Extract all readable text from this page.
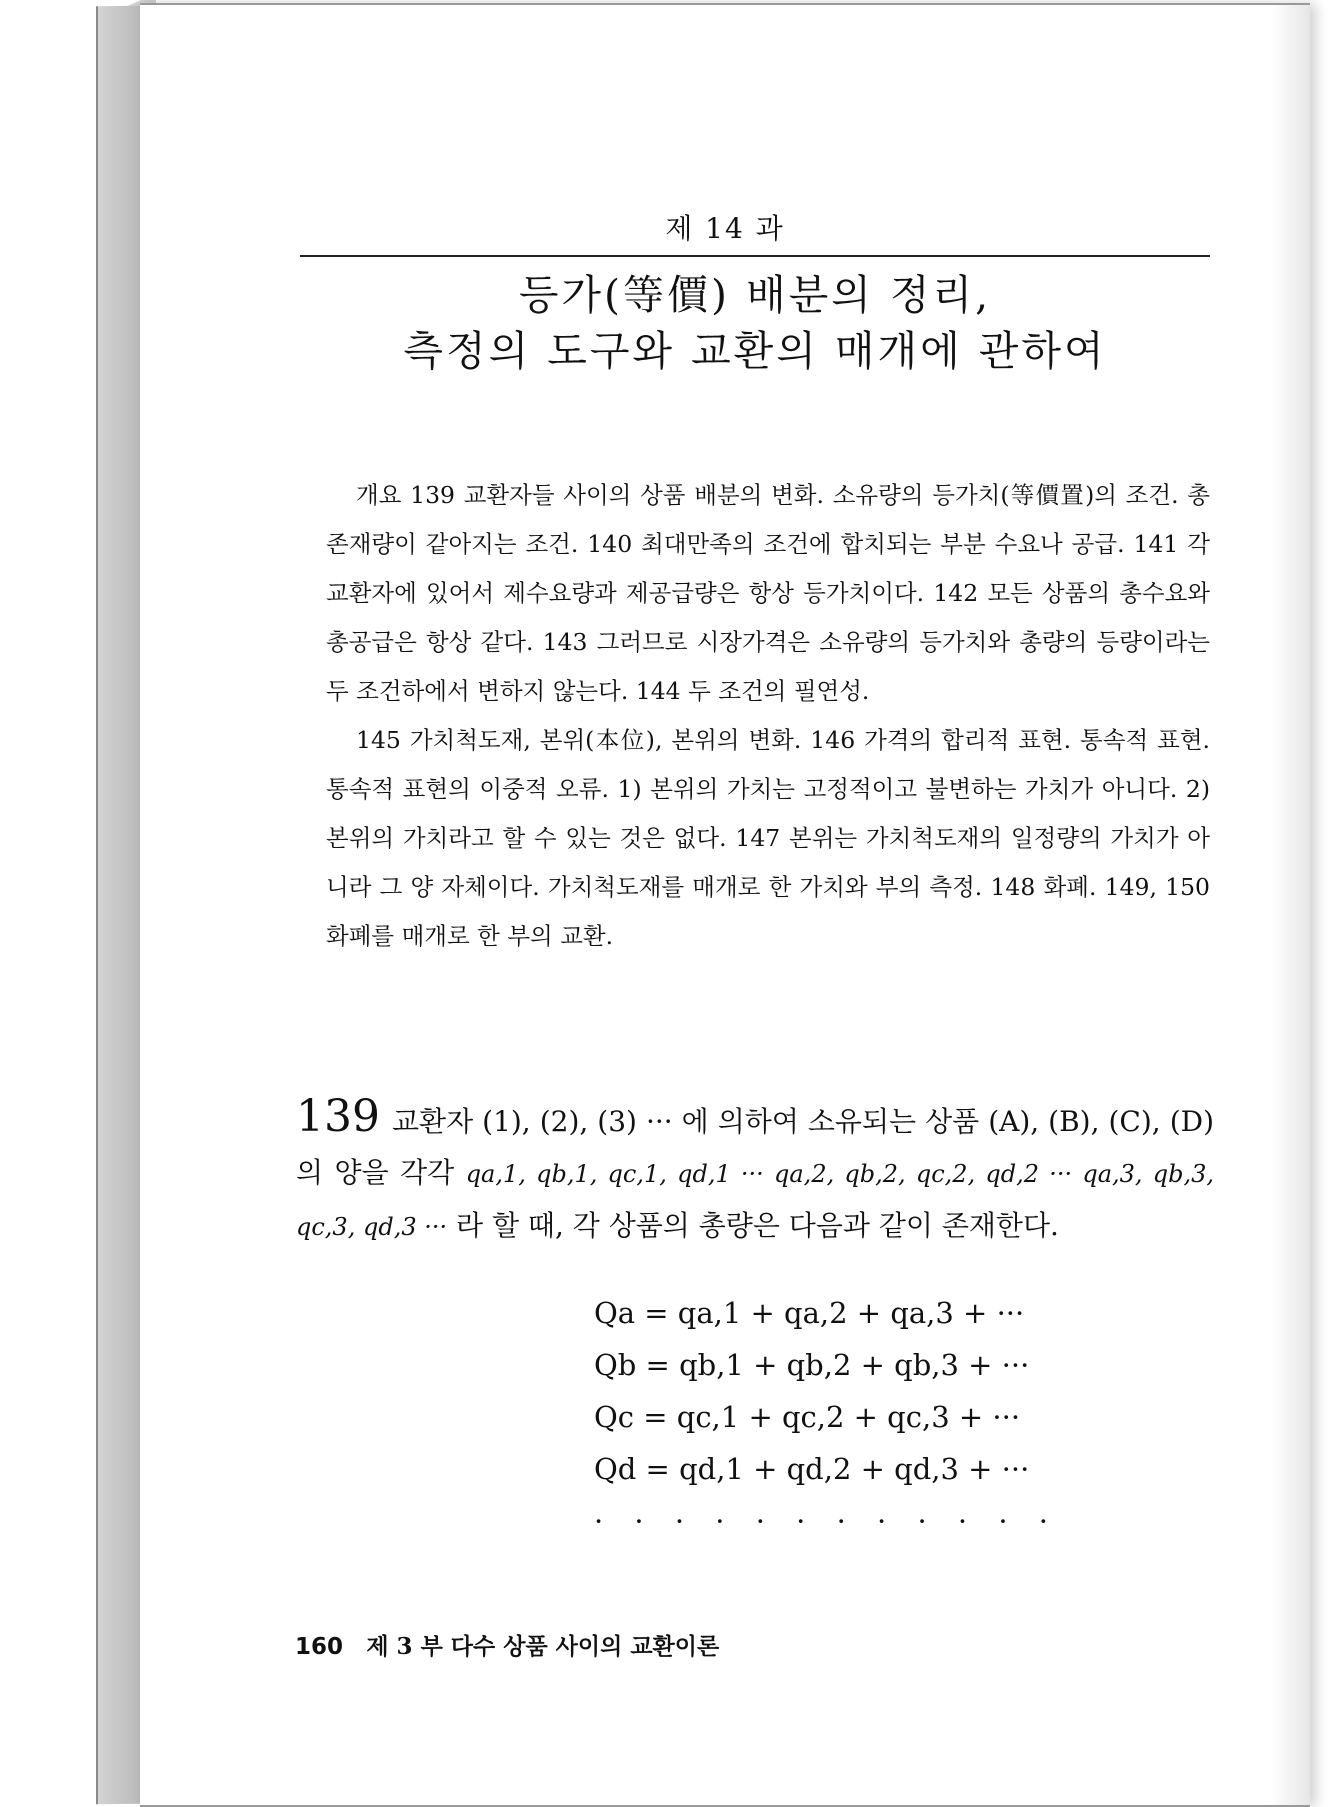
제 14 과
등가(等價) 배분의 정리,
측정의 도구와 교환의 매개에 관하여

개요 139 교환자들 사이의 상품 배분의 변화. 소유량의 등가치(等價置)의 조건. 총존재량이 같아지는 조건. 140 최대만족의 조건에 합치되는 부분 수요나 공급. 141 각 교환자에 있어서 제수요량과 제공급량은 항상 등가치이다. 142 모든 상품의 총수요와 총공급은 항상 같다. 143 그러므로 시장가격은 소유량의 등가치와 총량의 등량이라는 두 조건하에서 변하지 않는다. 144 두 조건의 필연성.

145 가치척도재, 본위(本位), 본위의 변화. 146 가격의 합리적 표현. 통속적 표현. 통속적 표현의 이중적 오류. 1) 본위의 가치는 고정적이고 불변하는 가치가 아니다. 2) 본위의 가치라고 할 수 있는 것은 없다. 147 본위는 가치척도재의 일정량의 가치가 아니라 그 양 자체이다. 가치척도재를 매개로 한 가치와 부의 측정. 148 화폐. 149, 150 화폐를 매개로 한 부의 교환.

139 교환자 (1), (2), (3) ··· 에 의하여 소유되는 상품 (A), (B), (C), (D)의 양을 각각 qa,1, qb,1, qc,1, qd,1 ··· qa,2, qb,2, qc,2, qd,2 ··· qa,3, qb,3, qc,3, qd,3 ··· 라 할 때, 각 상품의 총량은 다음과 같이 존재한다.

Qa = qa,1 + qa,2 + qa,3 + ···
Qb = qb,1 + qb,2 + qb,3 + ···
Qc = qc,1 + qc,2 + qc,3 + ···
Qd = qd,1 + qd,2 + qd,3 + ···
· · · · · · · · · · · ·
160 제 3 부 다수 상품 사이의 교환이론
